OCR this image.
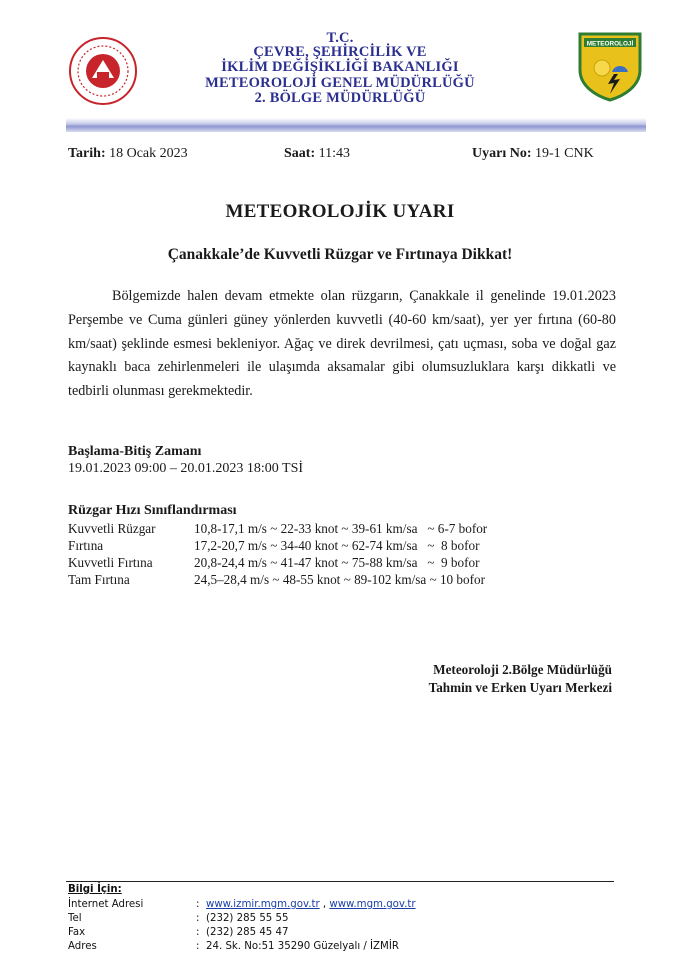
T.C.
ÇEVRE, ŞEHİRCİLİK VE
İKLİM DEĞİŞİKLİĞİ BAKANLIĞI
METEOROLOJİ GENEL MÜDÜRLÜĞÜ
2. BÖLGE MÜDÜRLÜĞÜ
METEOROLOJİ
Tarih: 18 Ocak 2023	Saat: 11:43	Uyarı No: 19-1 CNK
METEOROLOJİK UYARI
Çanakkale’de Kuvvetli Rüzgar ve Fırtınaya Dikkat!
Bölgemizde halen devam etmekte olan rüzgarın, Çanakkale il genelinde 19.01.2023 Perşembe ve Cuma günleri güney yönlerden kuvvetli (40-60 km/saat), yer yer fırtına (60-80 km/saat) şeklinde esmesi bekleniyor. Ağaç ve direk devrilmesi, çatı uçması, soba ve doğal gaz kaynaklı baca zehirlenmeleri ile ulaşımda aksamalar gibi olumsuzluklara karşı dikkatli ve tedbirli olunması gerekmektedir.
Başlama-Bitiş Zamanı
19.01.2023 09:00 – 20.01.2023 18:00 TSİ
Rüzgar Hızı Sınıflandırması
Kuvvetli Rüzgar	10,8-17,1 m/s ~ 22-33 knot ~ 39-61 km/sa   ~ 6-7 bofor
Fırtına	17,2-20,7 m/s ~ 34-40 knot ~ 62-74 km/sa   ~  8 bofor
Kuvvetli Fırtına	20,8-24,4 m/s ~ 41-47 knot ~ 75-88 km/sa   ~  9 bofor
Tam Fırtına	24,5–28,4 m/s ~ 48-55 knot ~ 89-102 km/sa ~ 10 bofor
Meteoroloji 2.Bölge Müdürlüğü
Tahmin ve Erken Uyarı Merkezi
Bilgi İçin:
İnternet Adresi	: www.izmir.mgm.gov.tr , www.mgm.gov.tr
Tel	: (232) 285 55 55
Fax	: (232) 285 45 47
Adres	: 24. Sk. No:51 35290 Güzelyalı / İZMİR
